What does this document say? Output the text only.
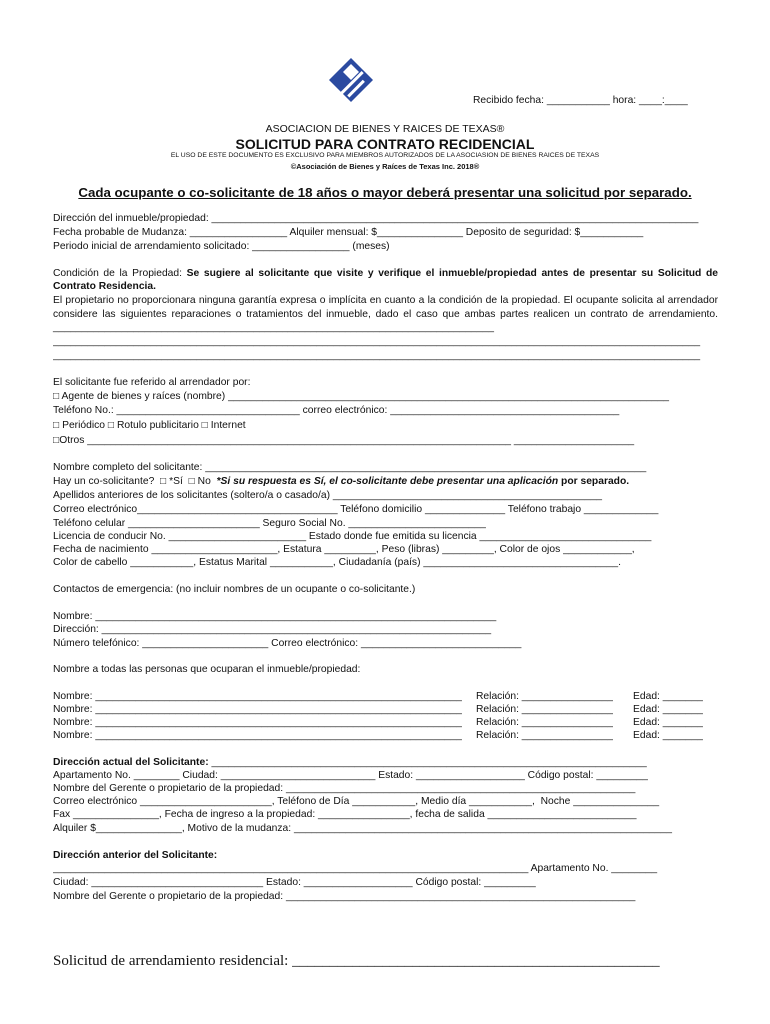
Recibido fecha: ___________ hora: ____:____
ASOCIACION DE BIENES Y RAICES DE TEXAS®
SOLICITUD PARA CONTRATO RECIDENCIAL
EL USO DE ESTE DOCUMENTO ES EXCLUSIVO PARA MIEMBROS AUTORIZADOS DE LA ASOCIASION DE BIENES RAICES DE TEXAS
©Asociación de Bienes y Raíces de Texas Inc. 2018®
Cada ocupante o co-solicitante de 18 años o mayor deberá presentar una solicitud por separado.
Dirección del inmueble/propiedad: _____________________________________________________________________________________
Fecha probable de Mudanza: _________________ Alquiler mensual: $_______________ Deposito de seguridad: $___________
Periodo inicial de arrendamiento solicitado: _________________ (meses)
Condición de la Propiedad: Se sugiere al solicitante que visite y verifique el inmueble/propiedad antes de presentar su Solicitud de Contrato Residencia.
El propietario no proporcionara ninguna garantía expresa o implícita en cuanto a la condición de la propiedad. El ocupante solicita al arrendador considere las siguientes reparaciones o tratamientos del inmueble, dado el caso que ambas partes realicen un contrato de arrendamiento. _____________________________________________________________________________
_________________________________________________________________________________________________________________
_________________________________________________________________________________________________________________
El solicitante fue referido al arrendador por:
□ Agente de bienes y raíces (nombre) _____________________________________________________________________________
Teléfono No.: ________________________________ correo electrónico: ________________________________________
□ Periódico □ Rotulo publicitario □ Internet
□Otros __________________________________________________________________________ _____________________
Nombre completo del solicitante: _____________________________________________________________________________
Hay un co-solicitante?  □ *Sí  □ No  *Si su respuesta es Sí, el co-solicitante debe presentar una aplicación por separado.
Apellidos anteriores de los solicitantes (soltero/a o casado/a) _______________________________________________
Correo electrónico___________________________________ Teléfono domicilio ______________ Teléfono trabajo _____________
Teléfono celular _______________________ Seguro Social No. ________________________
Licencia de conducir No. ________________________ Estado donde fue emitida su licencia ______________________________
Fecha de nacimiento ______________________, Estatura _________, Peso (libras) _________, Color de ojos ____________,
Color de cabello ___________, Estatus Marital ___________, Ciudadanía (país) __________________________________.
Contactos de emergencia: (no incluir nombres de un ocupante o co-solicitante.)
Nombre: ______________________________________________________________________
Dirección: ____________________________________________________________________
Número telefónico: ______________________ Correo electrónico: ____________________________
Nombre a todas las personas que ocuparan el inmueble/propiedad:
Nombre: ________________________________________________________________ Relación: ________________ Edad: _______
Nombre: ________________________________________________________________ Relación: ________________ Edad: _______
Nombre: ________________________________________________________________ Relación: ________________ Edad: _______
Nombre: ________________________________________________________________ Relación: ________________ Edad: _______
Dirección actual del Solicitante: ____________________________________________________________________________
Apartamento No. ________ Ciudad: ___________________________ Estado: ___________________ Código postal: _________
Nombre del Gerente o propietario de la propiedad: _____________________________________________________________
Correo electrónico _______________________, Teléfono de Día ___________, Medio día ___________,  Noche _______________
Fax _______________, Fecha de ingreso a la propiedad: ________________, fecha de salida __________________________
Alquiler $_______________, Motivo de la mudanza: __________________________________________________________________
Dirección anterior del Solicitante:
___________________________________________________________________________________ Apartamento No. ________
Ciudad: ______________________________ Estado: ___________________ Código postal: _________
Nombre del Gerente o propietario de la propiedad: _____________________________________________________________
Solicitud de arrendamiento residencial: _________________________________________________
